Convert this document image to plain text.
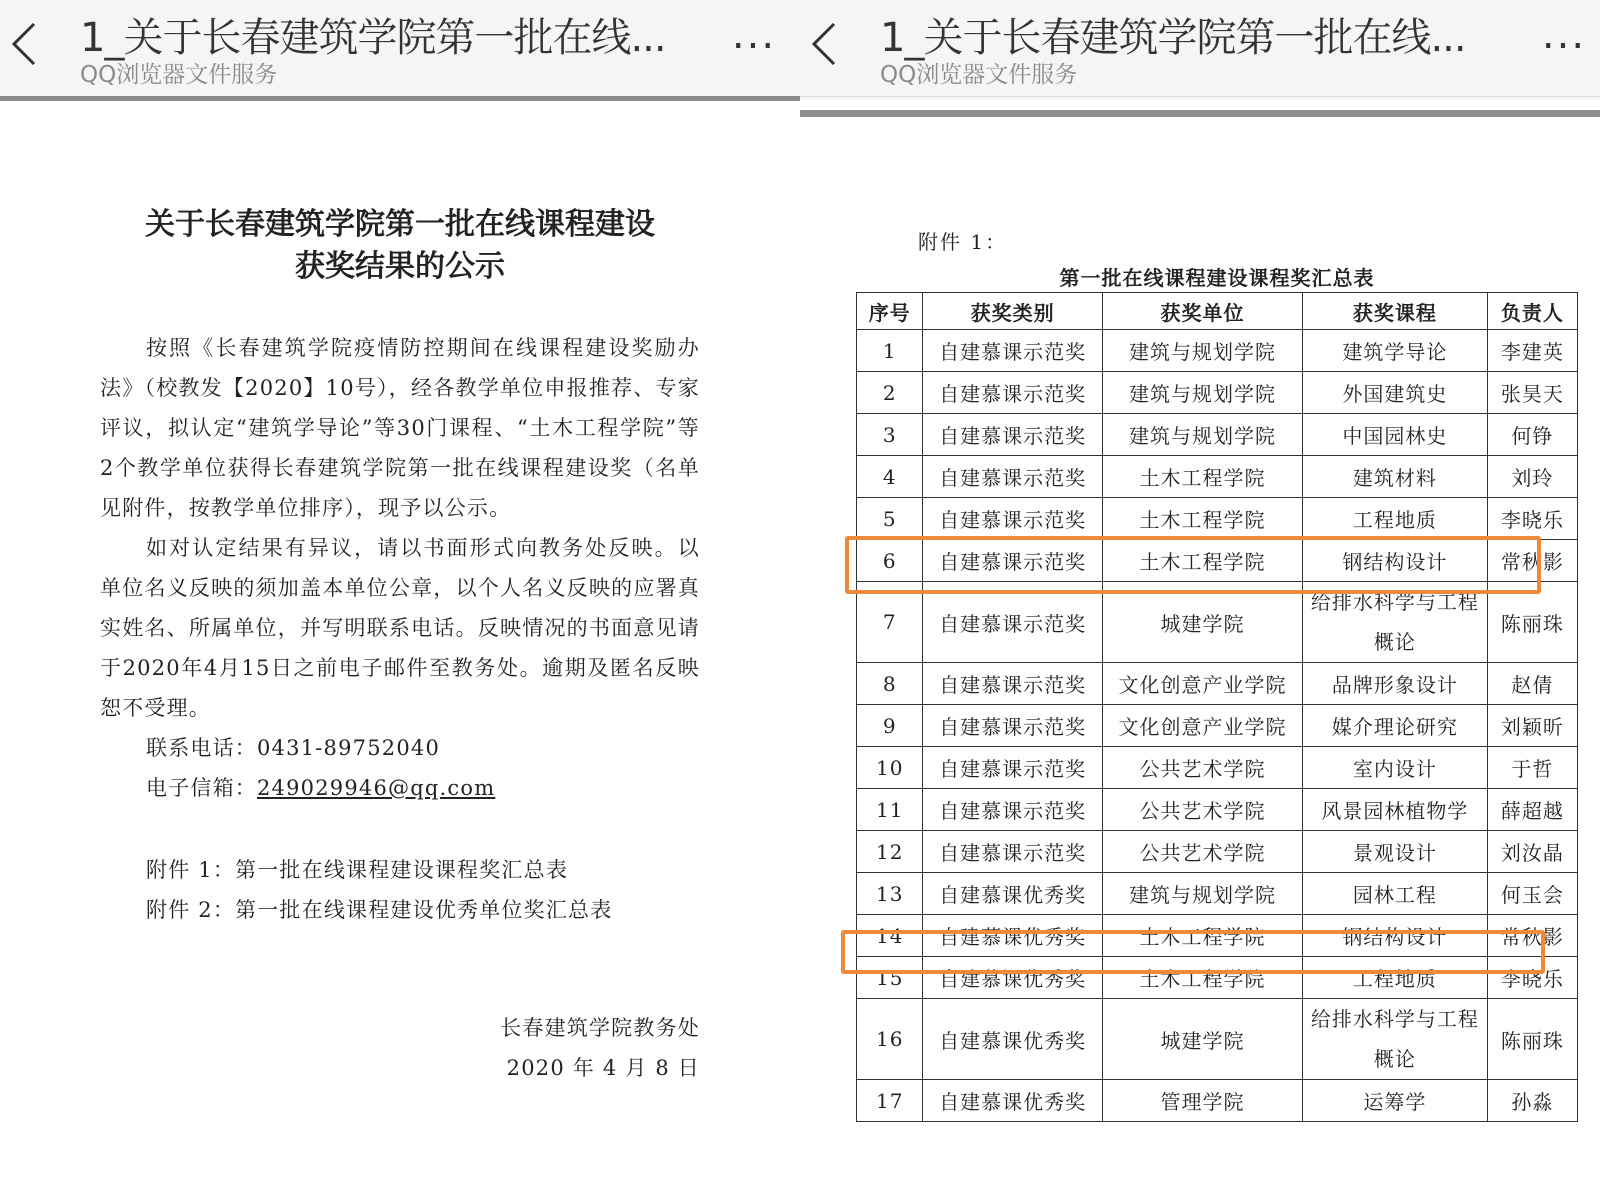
1_关于长春建筑学院第一批在线...
QQ浏览器文件服务
...
关于长春建筑学院第一批在线课程建设
获奖结果的公示

按照《长春建筑学院疫情防控期间在线课程建设奖励办法》（校教发【2020】10号），经各教学单位申报推荐、专家评议，拟认定“建筑学导论”等30门课程、“土木工程学院”等2个教学单位获得长春建筑学院第一批在线课程建设奖（名单见附件，按教学单位排序），现予以公示。

如对认定结果有异议，请以书面形式向教务处反映。以单位名义反映的须加盖本单位公章，以个人名义反映的应署真实姓名、所属单位，并写明联系电话。反映情况的书面意见请于2020年4月15日之前电子邮件至教务处。逾期及匿名反映恕不受理。

联系电话：0431-89752040

电子信箱：249029946@qq.com

附件 1：第一批在线课程建设课程奖汇总表
附件 2：第一批在线课程建设优秀单位奖汇总表
长春建筑学院教务处
2020 年 4 月 8 日
1_关于长春建筑学院第一批在线...
QQ浏览器文件服务
...
附件 1：
第一批在线课程建设课程奖汇总表
序号	获奖类别	获奖单位	获奖课程	负责人
1	自建慕课示范奖	建筑与规划学院	建筑学导论	李建英
2	自建慕课示范奖	建筑与规划学院	外国建筑史	张昊天
3	自建慕课示范奖	建筑与规划学院	中国园林史	何铮
4	自建慕课示范奖	土木工程学院	建筑材料	刘玲
5	自建慕课示范奖	土木工程学院	工程地质	李晓乐
6	自建慕课示范奖	土木工程学院	钢结构设计	常秋影
7	自建慕课示范奖	城建学院	给排水科学与工程概论	陈丽珠
8	自建慕课示范奖	文化创意产业学院	品牌形象设计	赵倩
9	自建慕课示范奖	文化创意产业学院	媒介理论研究	刘颖昕
10	自建慕课示范奖	公共艺术学院	室内设计	于哲
11	自建慕课示范奖	公共艺术学院	风景园林植物学	薛超越
12	自建慕课示范奖	公共艺术学院	景观设计	刘汝晶
13	自建慕课优秀奖	建筑与规划学院	园林工程	何玉会
14	自建慕课优秀奖	土木工程学院	钢结构设计	常秋影
15	自建慕课优秀奖	土木工程学院	工程地质	李晓乐
16	自建慕课优秀奖	城建学院	给排水科学与工程概论	陈丽珠
17	自建慕课优秀奖	管理学院	运筹学	孙淼
